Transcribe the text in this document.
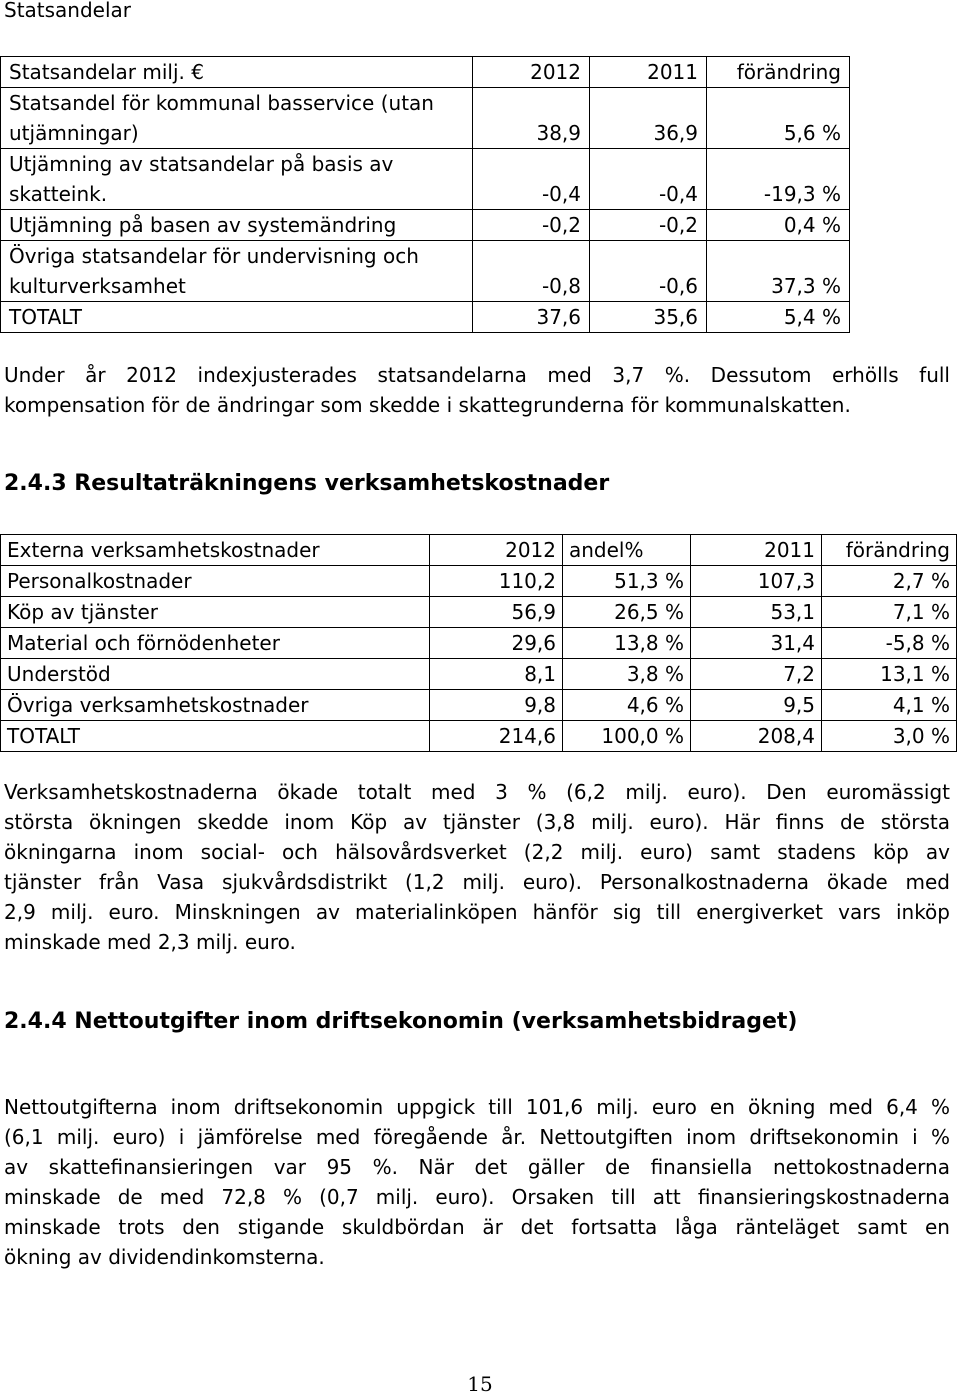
Statsandelar
Statsandelar milj. €	2012	2011	förändring
Statsandel för kommunal basservice (utan
utjämningar)	38,9	36,9	5,6 %
Utjämning av statsandelar på basis av
skatteink.	-0,4	-0,4	-19,3 %
Utjämning på basen av systemändring	-0,2	-0,2	0,4 %
Övriga statsandelar för undervisning och
kulturverksamhet	-0,8	-0,6	37,3 %
TOTALT	37,6	35,6	5,4 %
Under år 2012 indexjusterades statsandelarna med 3,7 %. Dessutom erhölls full
kompensation för de ändringar som skedde i skattegrunderna för kommunalskatten.
2.4.3 Resultaträkningens verksamhetskostnader
Externa verksamhetskostnader	2012	andel%	2011	förändring
Personalkostnader	110,2	51,3 %	107,3	2,7 %
Köp av tjänster	56,9	26,5 %	53,1	7,1 %
Material och förnödenheter	29,6	13,8 %	31,4	-5,8 %
Understöd	8,1	3,8 %	7,2	13,1 %
Övriga verksamhetskostnader	9,8	4,6 %	9,5	4,1 %
TOTALT	214,6	100,0 %	208,4	3,0 %
Verksamhetskostnaderna ökade totalt med 3 % (6,2 milj. euro). Den euromässigt
största ökningen skedde inom Köp av tjänster (3,8 milj. euro). Här finns de största
ökningarna inom social- och hälsovårdsverket (2,2 milj. euro) samt stadens köp av
tjänster från Vasa sjukvårdsdistrikt (1,2 milj. euro). Personalkostnaderna ökade med
2,9 milj. euro. Minskningen av materialinköpen hänför sig till energiverket vars inköp
minskade med 2,3 milj. euro.
2.4.4 Nettoutgifter inom driftsekonomin (verksamhetsbidraget)
Nettoutgifterna inom driftsekonomin uppgick till 101,6 milj. euro en ökning med 6,4 %
(6,1 milj. euro) i jämförelse med föregående år. Nettoutgiften inom driftsekonomin i %
av skattefinansieringen var 95 %. När det gäller de finansiella nettokostnaderna
minskade de med 72,8 % (0,7 milj. euro). Orsaken till att finansieringskostnaderna
minskade trots den stigande skuldbördan är det fortsatta låga ränteläget samt en
ökning av dividendinkomsterna.
15
